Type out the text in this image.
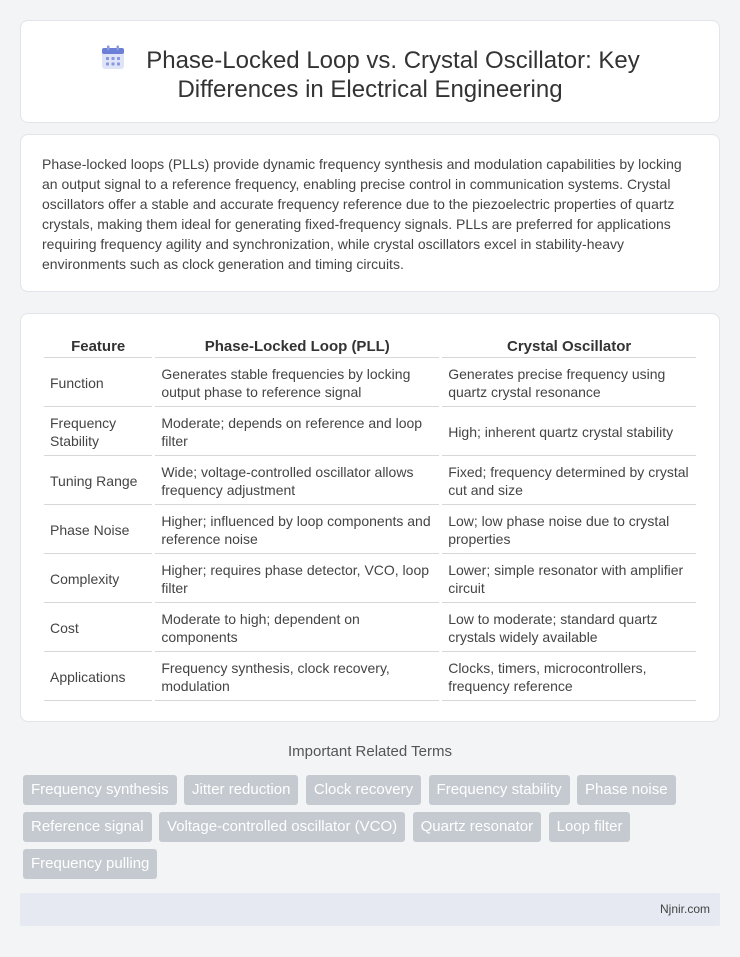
Phase-Locked Loop vs. Crystal Oscillator: Key Differences in Electrical Engineering

Phase-locked loops (PLLs) provide dynamic frequency synthesis and modulation capabilities by locking an output signal to a reference frequency, enabling precise control in communication systems. Crystal oscillators offer a stable and accurate frequency reference due to the piezoelectric properties of quartz crystals, making them ideal for generating fixed-frequency signals. PLLs are preferred for applications requiring frequency agility and synchronization, while crystal oscillators excel in stability-heavy environments such as clock generation and timing circuits.

Feature	Phase-Locked Loop (PLL)	Crystal Oscillator
Function	Generates stable frequencies by locking output phase to reference signal	Generates precise frequency using quartz crystal resonance
Frequency Stability	Moderate; depends on reference and loop filter	High; inherent quartz crystal stability
Tuning Range	Wide; voltage-controlled oscillator allows frequency adjustment	Fixed; frequency determined by crystal cut and size
Phase Noise	Higher; influenced by loop components and reference noise	Low; low phase noise due to crystal properties
Complexity	Higher; requires phase detector, VCO, loop filter	Lower; simple resonator with amplifier circuit
Cost	Moderate to high; dependent on components	Low to moderate; standard quartz crystals widely available
Applications	Frequency synthesis, clock recovery, modulation	Clocks, timers, microcontrollers, frequency reference
Important Related Terms
Frequency synthesis Jitter reduction Clock recovery Frequency stability Phase noise Reference signal Voltage-controlled oscillator (VCO) Quartz resonator Loop filter Frequency pulling
Njnir.com
